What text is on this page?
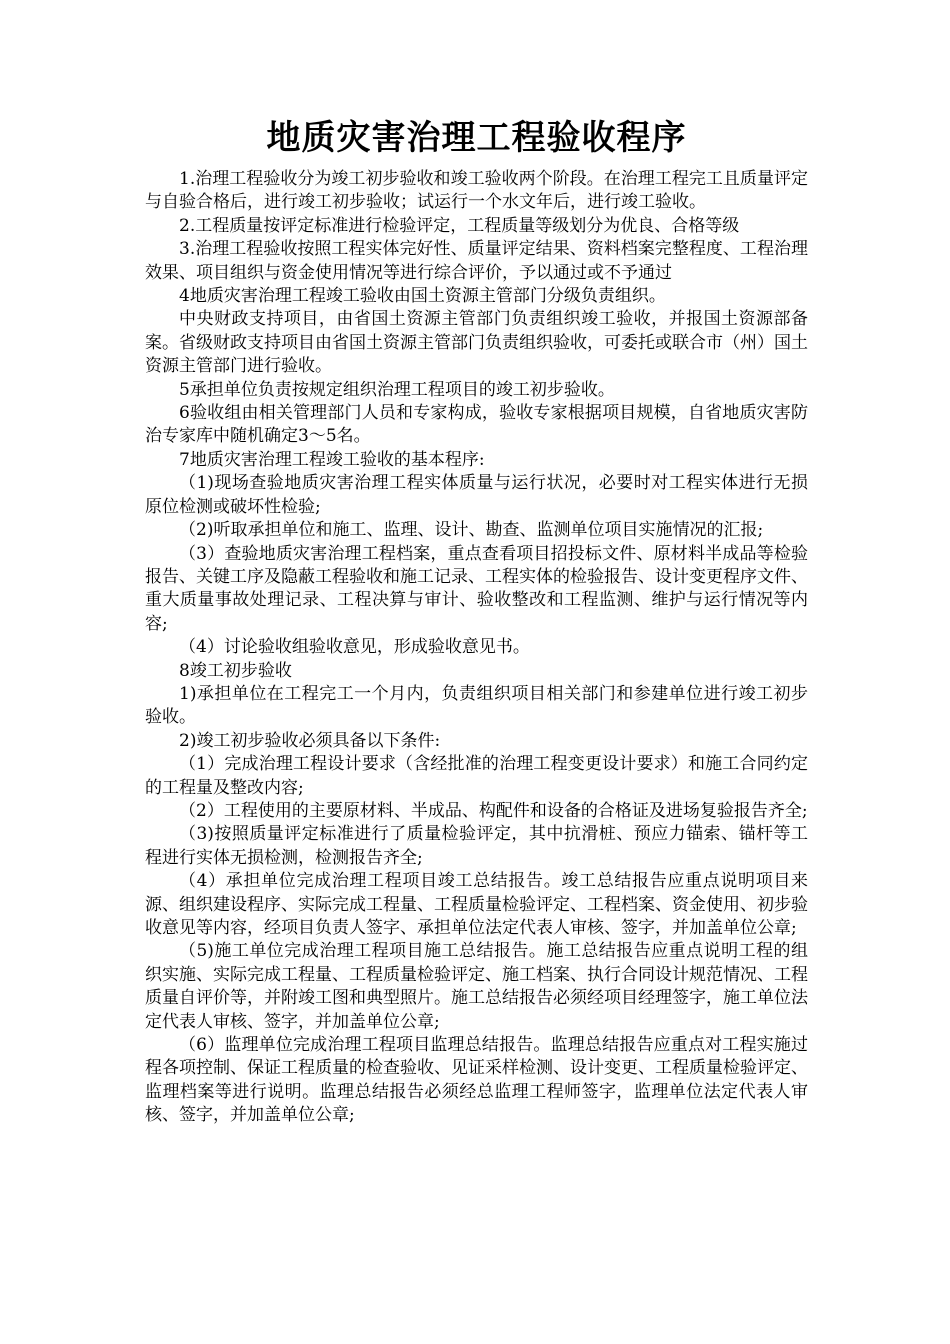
地质灾害治理工程验收程序

1.治理工程验收分为竣工初步验收和竣工验收两个阶段。在治理工程完工且质量评定与自验合格后，进行竣工初步验收；试运行一个水文年后，进行竣工验收。

2.工程质量按评定标准进行检验评定，工程质量等级划分为优良、合格等级

3.治理工程验收按照工程实体完好性、质量评定结果、资料档案完整程度、工程治理效果、项目组织与资金使用情况等进行综合评价，予以通过或不予通过

4地质灾害治理工程竣工验收由国土资源主管部门分级负责组织。

中央财政支持项目，由省国土资源主管部门负责组织竣工验收，并报国土资源部备案。省级财政支持项目由省国土资源主管部门负责组织验收，可委托或联合市（州）国土资源主管部门进行验收。

5承担单位负责按规定组织治理工程项目的竣工初步验收。

6验收组由相关管理部门人员和专家构成，验收专家根据项目规模，自省地质灾害防治专家库中随机确定3～5名。

7地质灾害治理工程竣工验收的基本程序:

（1)现场查验地质灾害治理工程实体质量与运行状况，必要时对工程实体进行无损原位检测或破坏性检验;

（2)听取承担单位和施工、监理、设计、勘查、监测单位项目实施情况的汇报;

（3）查验地质灾害治理工程档案，重点查看项目招投标文件、原材料半成品等检验报告、关键工序及隐蔽工程验收和施工记录、工程实体的检验报告、设计变更程序文件、重大质量事故处理记录、工程决算与审计、验收整改和工程监测、维护与运行情况等内容;

（4）讨论验收组验收意见，形成验收意见书。

8竣工初步验收

1)承担单位在工程完工一个月内，负责组织项目相关部门和参建单位进行竣工初步验收。

2)竣工初步验收必须具备以下条件:

（1）完成治理工程设计要求（含经批准的治理工程变更设计要求）和施工合同约定的工程量及整改内容;

（2）工程使用的主要原材料、半成品、构配件和设备的合格证及进场复验报告齐全;

（3)按照质量评定标准进行了质量检验评定，其中抗滑桩、预应力锚索、锚杆等工程进行实体无损检测，检测报告齐全;

（4）承担单位完成治理工程项目竣工总结报告。竣工总结报告应重点说明项目来源、组织建设程序、实际完成工程量、工程质量检验评定、工程档案、资金使用、初步验收意见等内容，经项目负责人签字、承担单位法定代表人审核、签字，并加盖单位公章;

（5)施工单位完成治理工程项目施工总结报告。施工总结报告应重点说明工程的组织实施、实际完成工程量、工程质量检验评定、施工档案、执行合同设计规范情况、工程质量自评价等，并附竣工图和典型照片。施工总结报告必须经项目经理签字，施工单位法定代表人审核、签字，并加盖单位公章;

（6）监理单位完成治理工程项目监理总结报告。监理总结报告应重点对工程实施过程各项控制、保证工程质量的检查验收、见证采样检测、设计变更、工程质量检验评定、监理档案等进行说明。监理总结报告必须经总监理工程师签字，监理单位法定代表人审核、签字，并加盖单位公章;
